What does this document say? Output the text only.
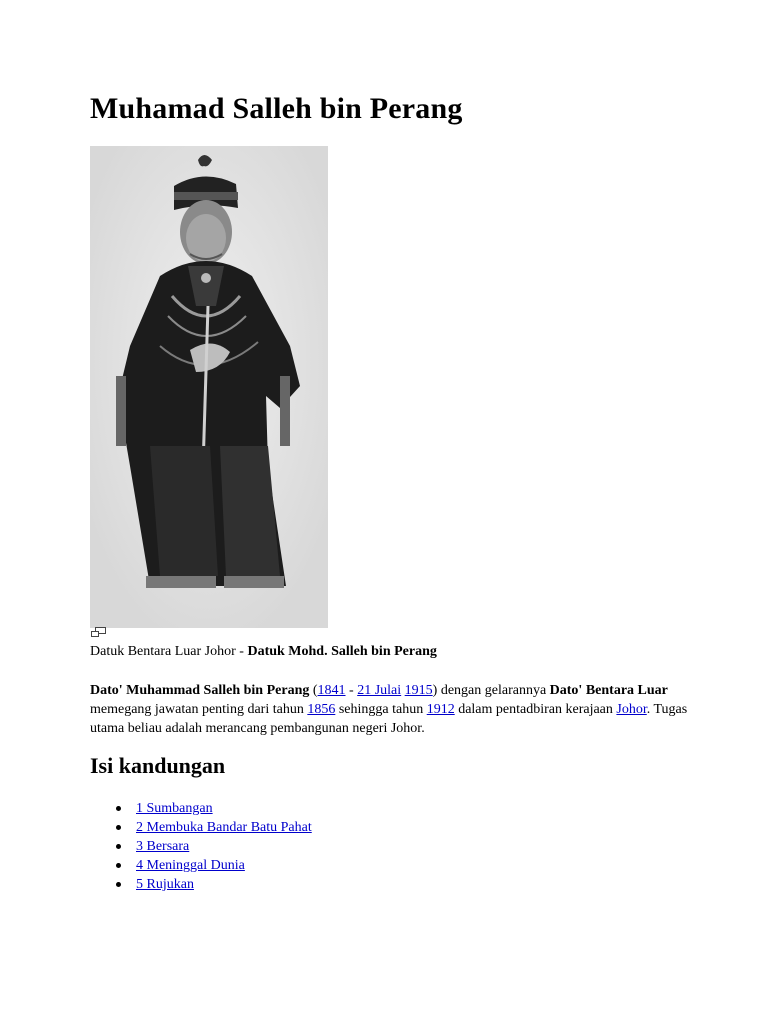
Muhamad Salleh bin Perang
Datuk Bentara Luar Johor - Datuk Mohd. Salleh bin Perang

Dato' Muhammad Salleh bin Perang (1841 - 21 Julai 1915) dengan gelarannya Dato' Bentara Luar memegang jawatan penting dari tahun 1856 sehingga tahun 1912 dalam pentadbiran kerajaan Johor. Tugas utama beliau adalah merancang pembangunan negeri Johor.

Isi kandungan
1 Sumbangan
2 Membuka Bandar Batu Pahat
3 Bersara
4 Meninggal Dunia
5 Rujukan
